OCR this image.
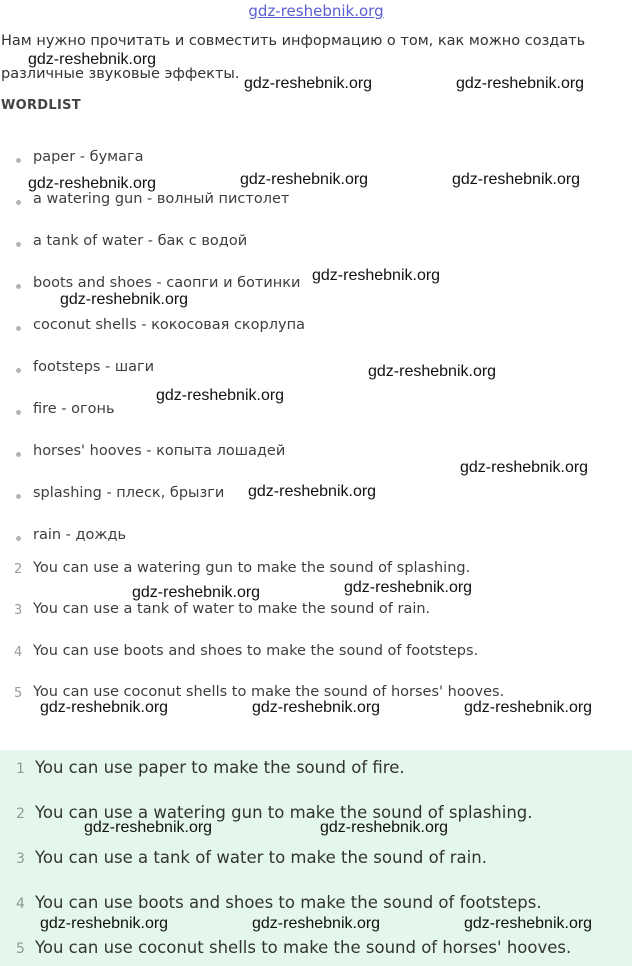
gdz-reshebnik.org
Нам нужно прочитать и совместить информацию о том, как можно создать
различные звуковые эффекты.
WORDLIST
paper - бумага
a watering gun - волный пистолет
a tank of water - бак с водой
boots and shoes - саопги и ботинки
coconut shells - кокосовая скорлупа
footsteps - шаги
fire - огонь
horses' hooves - копыта лошадей
splashing - плеск, брызги
rain - дождь
2 You can use a watering gun to make the sound of splashing.
3 You can use a tank of water to make the sound of rain.
4 You can use boots and shoes to make the sound of footsteps.
5 You can use coconut shells to make the sound of horses' hooves.
1 You can use paper to make the sound of fire.
2 You can use a watering gun to make the sound of splashing.
3 You can use a tank of water to make the sound of rain.
4 You can use boots and shoes to make the sound of footsteps.
5 You can use coconut shells to make the sound of horses' hooves.
gdz-reshebnik.org
gdz-reshebnik.org	gdz-reshebnik.org
gdz-reshebnik.org	gdz-reshebnik.org	gdz-reshebnik.org
gdz-reshebnik.org
gdz-reshebnik.org
gdz-reshebnik.org
gdz-reshebnik.org
gdz-reshebnik.org
gdz-reshebnik.org
gdz-reshebnik.org
gdz-reshebnik.org
gdz-reshebnik.org	gdz-reshebnik.org	gdz-reshebnik.org
gdz-reshebnik.org	gdz-reshebnik.org
gdz-reshebnik.org	gdz-reshebnik.org	gdz-reshebnik.org
